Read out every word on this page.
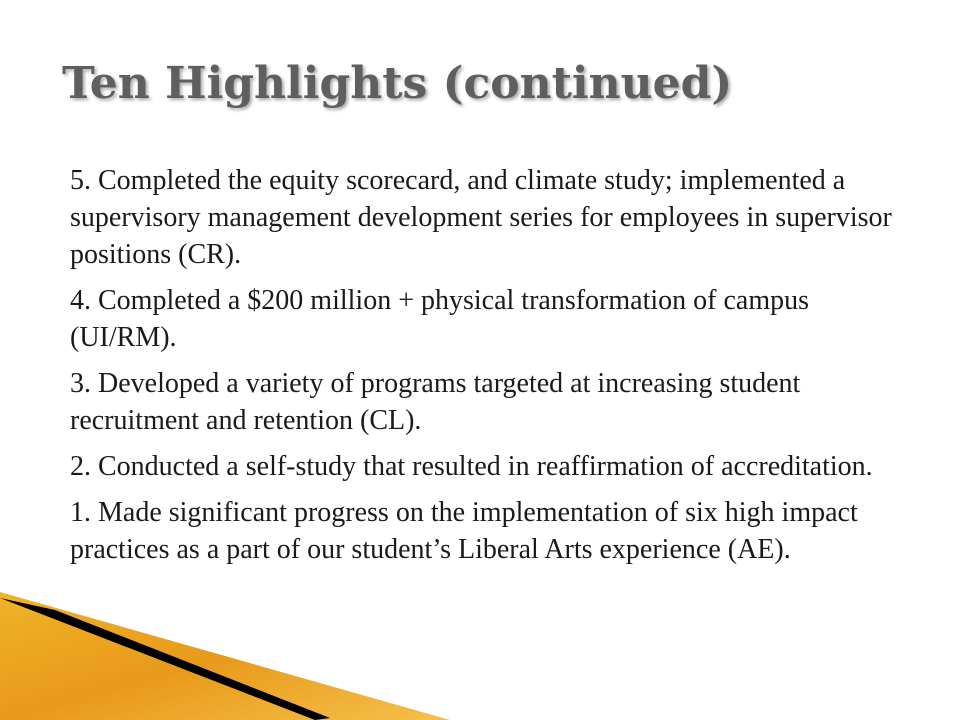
Ten Highlights (continued)

5. Completed the equity scorecard, and climate study; implemented a supervisory management development series for employees in supervisor positions (CR).

4. Completed a $200 million + physical transformation of campus (UI/RM).

3. Developed a variety of programs targeted at increasing student recruitment and retention (CL).

2. Conducted a self-study that resulted in reaffirmation of accreditation.

1. Made significant progress on the implementation of six high impact practices as a part of our student’s Liberal Arts experience (AE).
